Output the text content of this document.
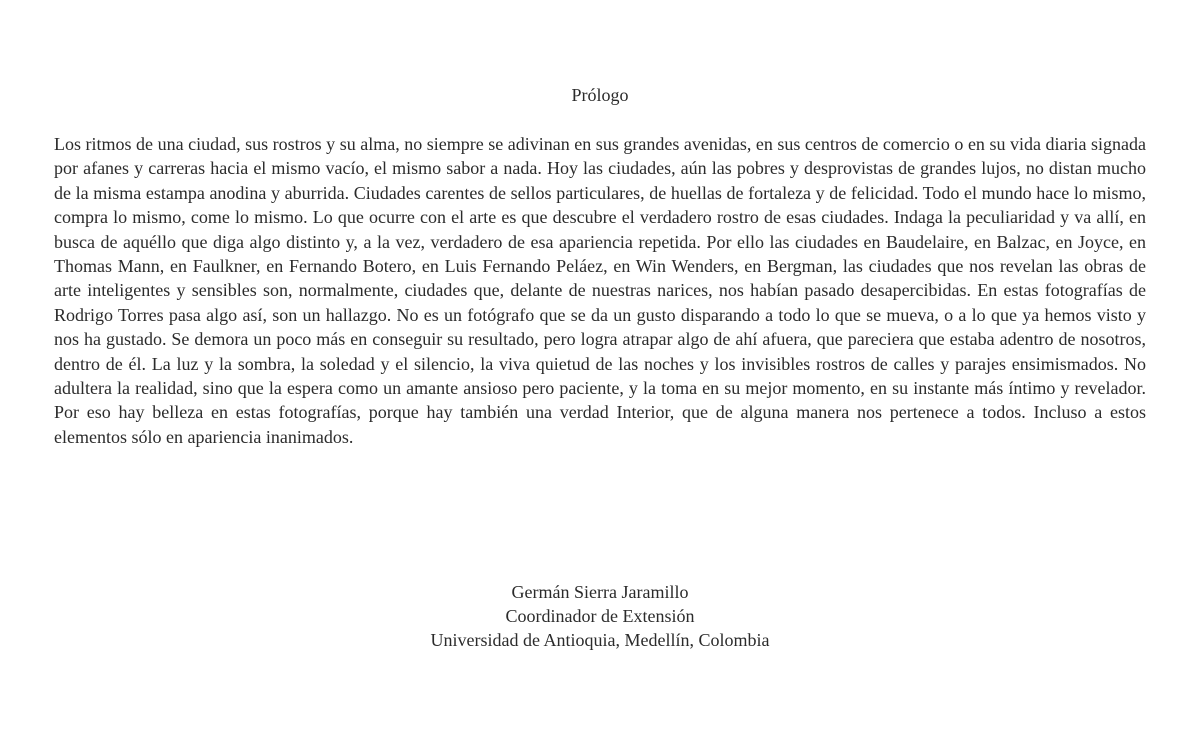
Prólogo

Los ritmos de una ciudad, sus rostros y su alma, no siempre se adivinan en sus grandes avenidas, en sus centros de comercio o en su vida diaria signada por afanes y carreras hacia el mismo vacío, el mismo sabor a nada. Hoy las ciudades, aún las pobres y desprovistas de grandes lujos, no distan mucho de la misma estampa anodina y aburrida. Ciudades carentes de sellos particulares, de huellas de fortaleza y de felicidad. Todo el mundo hace lo mismo, compra lo mismo, come lo mismo. Lo que ocurre con el arte es que descubre el verdadero rostro de esas ciudades. Indaga la peculiaridad y va allí, en busca de aquéllo que diga algo distinto y, a la vez, verdadero de esa apariencia repetida. Por ello las ciudades en Baudelaire, en Balzac, en Joyce, en Thomas Mann, en Faulkner, en Fernando Botero, en Luis Fernando Peláez, en Win Wenders, en Bergman, las ciudades que nos revelan las obras de arte inteligentes y sensibles son, normalmente, ciudades que, delante de nuestras narices, nos habían pasado desapercibidas. En estas fotografías de Rodrigo Torres pasa algo así, son un hallazgo. No es un fotógrafo que se da un gusto disparando a todo lo que se mueva, o a lo que ya hemos visto y nos ha gustado. Se demora un poco más en conseguir su resultado, pero logra atrapar algo de ahí afuera, que pareciera que estaba adentro de nosotros, dentro de él. La luz y la sombra, la soledad y el silencio, la viva quietud de las noches y los invisibles rostros de calles y parajes ensimismados. No adultera la realidad, sino que la espera como un amante ansioso pero paciente, y la toma en su mejor momento, en su instante más íntimo y revelador. Por eso hay belleza en estas fotografías, porque hay también una verdad Interior, que de alguna manera nos pertenece a todos. Incluso a estos elementos sólo en apariencia inanimados.

Germán Sierra Jaramillo
Coordinador de Extensión
Universidad de Antioquia, Medellín, Colombia
